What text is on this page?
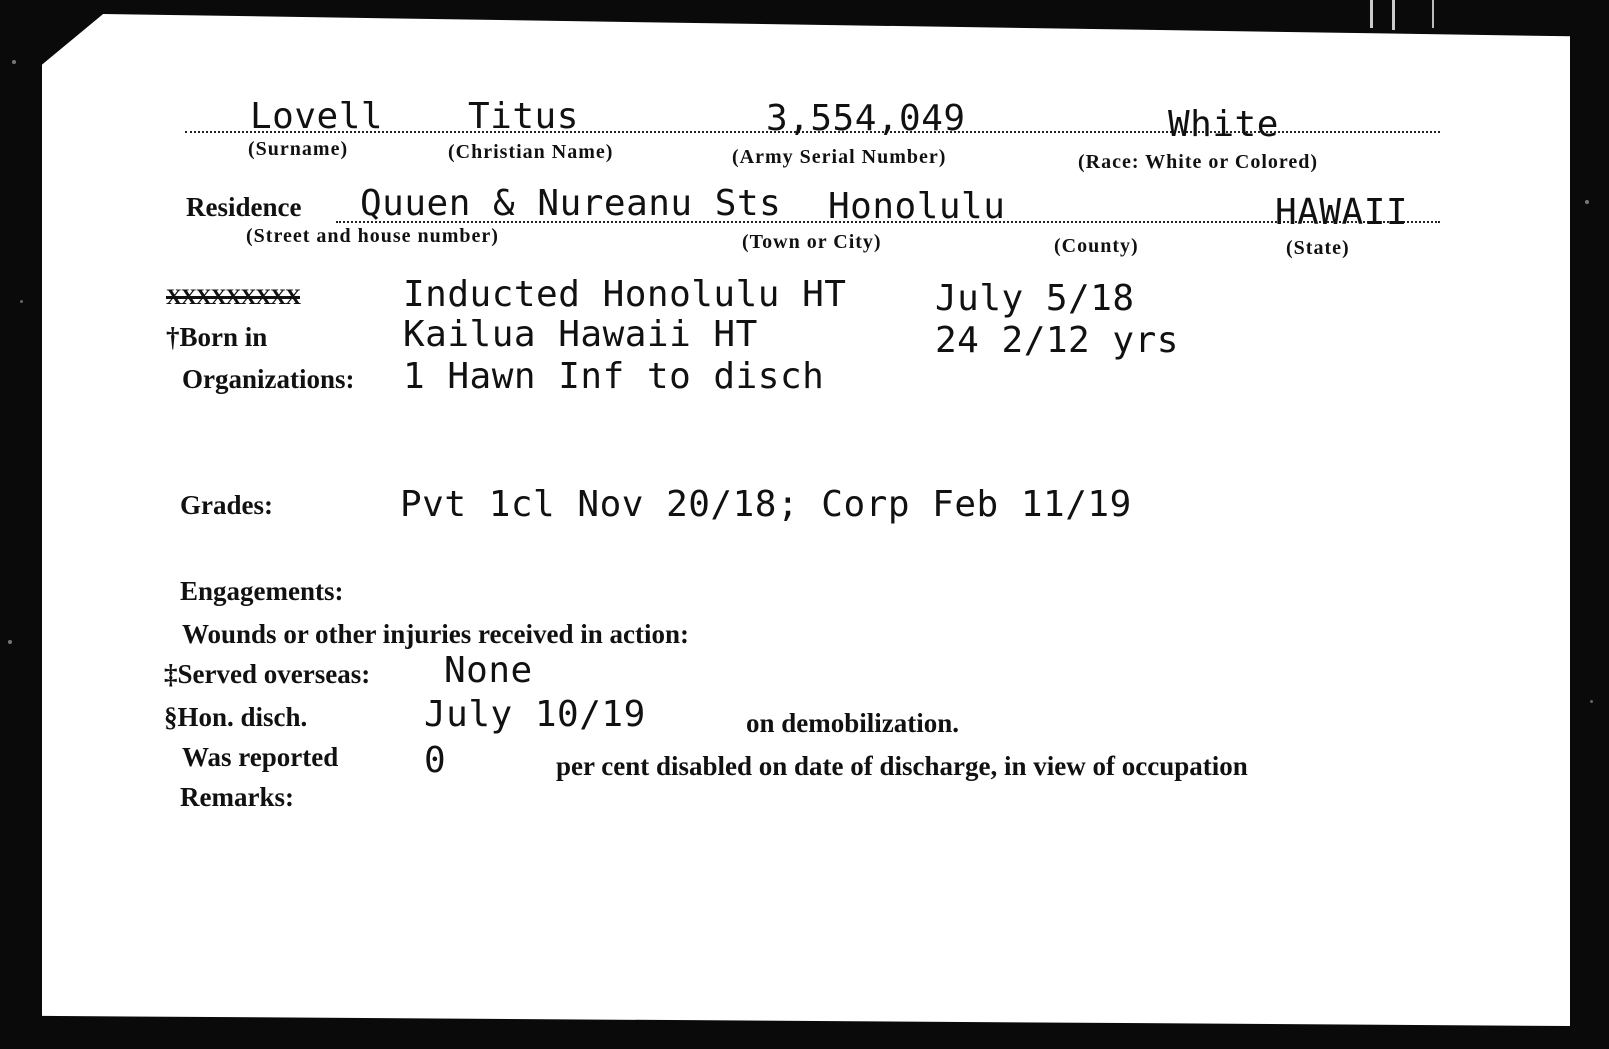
Lovell Titus	3,554,049	White
(Surname)	(Christian Name)	(Army Serial Number)	(Race: White or Colored)
Residence Quuen & Nureanu Sts Honolulu	HAWAII
(Street and house number)	(Town or City)	(County)	(State)
XXXXXXXXX	Inducted Honolulu HT July 5/18
†Born in	Kailua Hawaii HT	24 2/12 yrs
Organizations: 1 Hawn Inf to disch
Grades:	Pvt 1cl Nov 20/18; Corp Feb 11/19
Engagements:
Wounds or other injuries received in action:
‡Served overseas: None
§Hon. disch.	July 10/19	on demobilization.
Was reported 0	per cent disabled on date of discharge, in view of occupation
Remarks:
